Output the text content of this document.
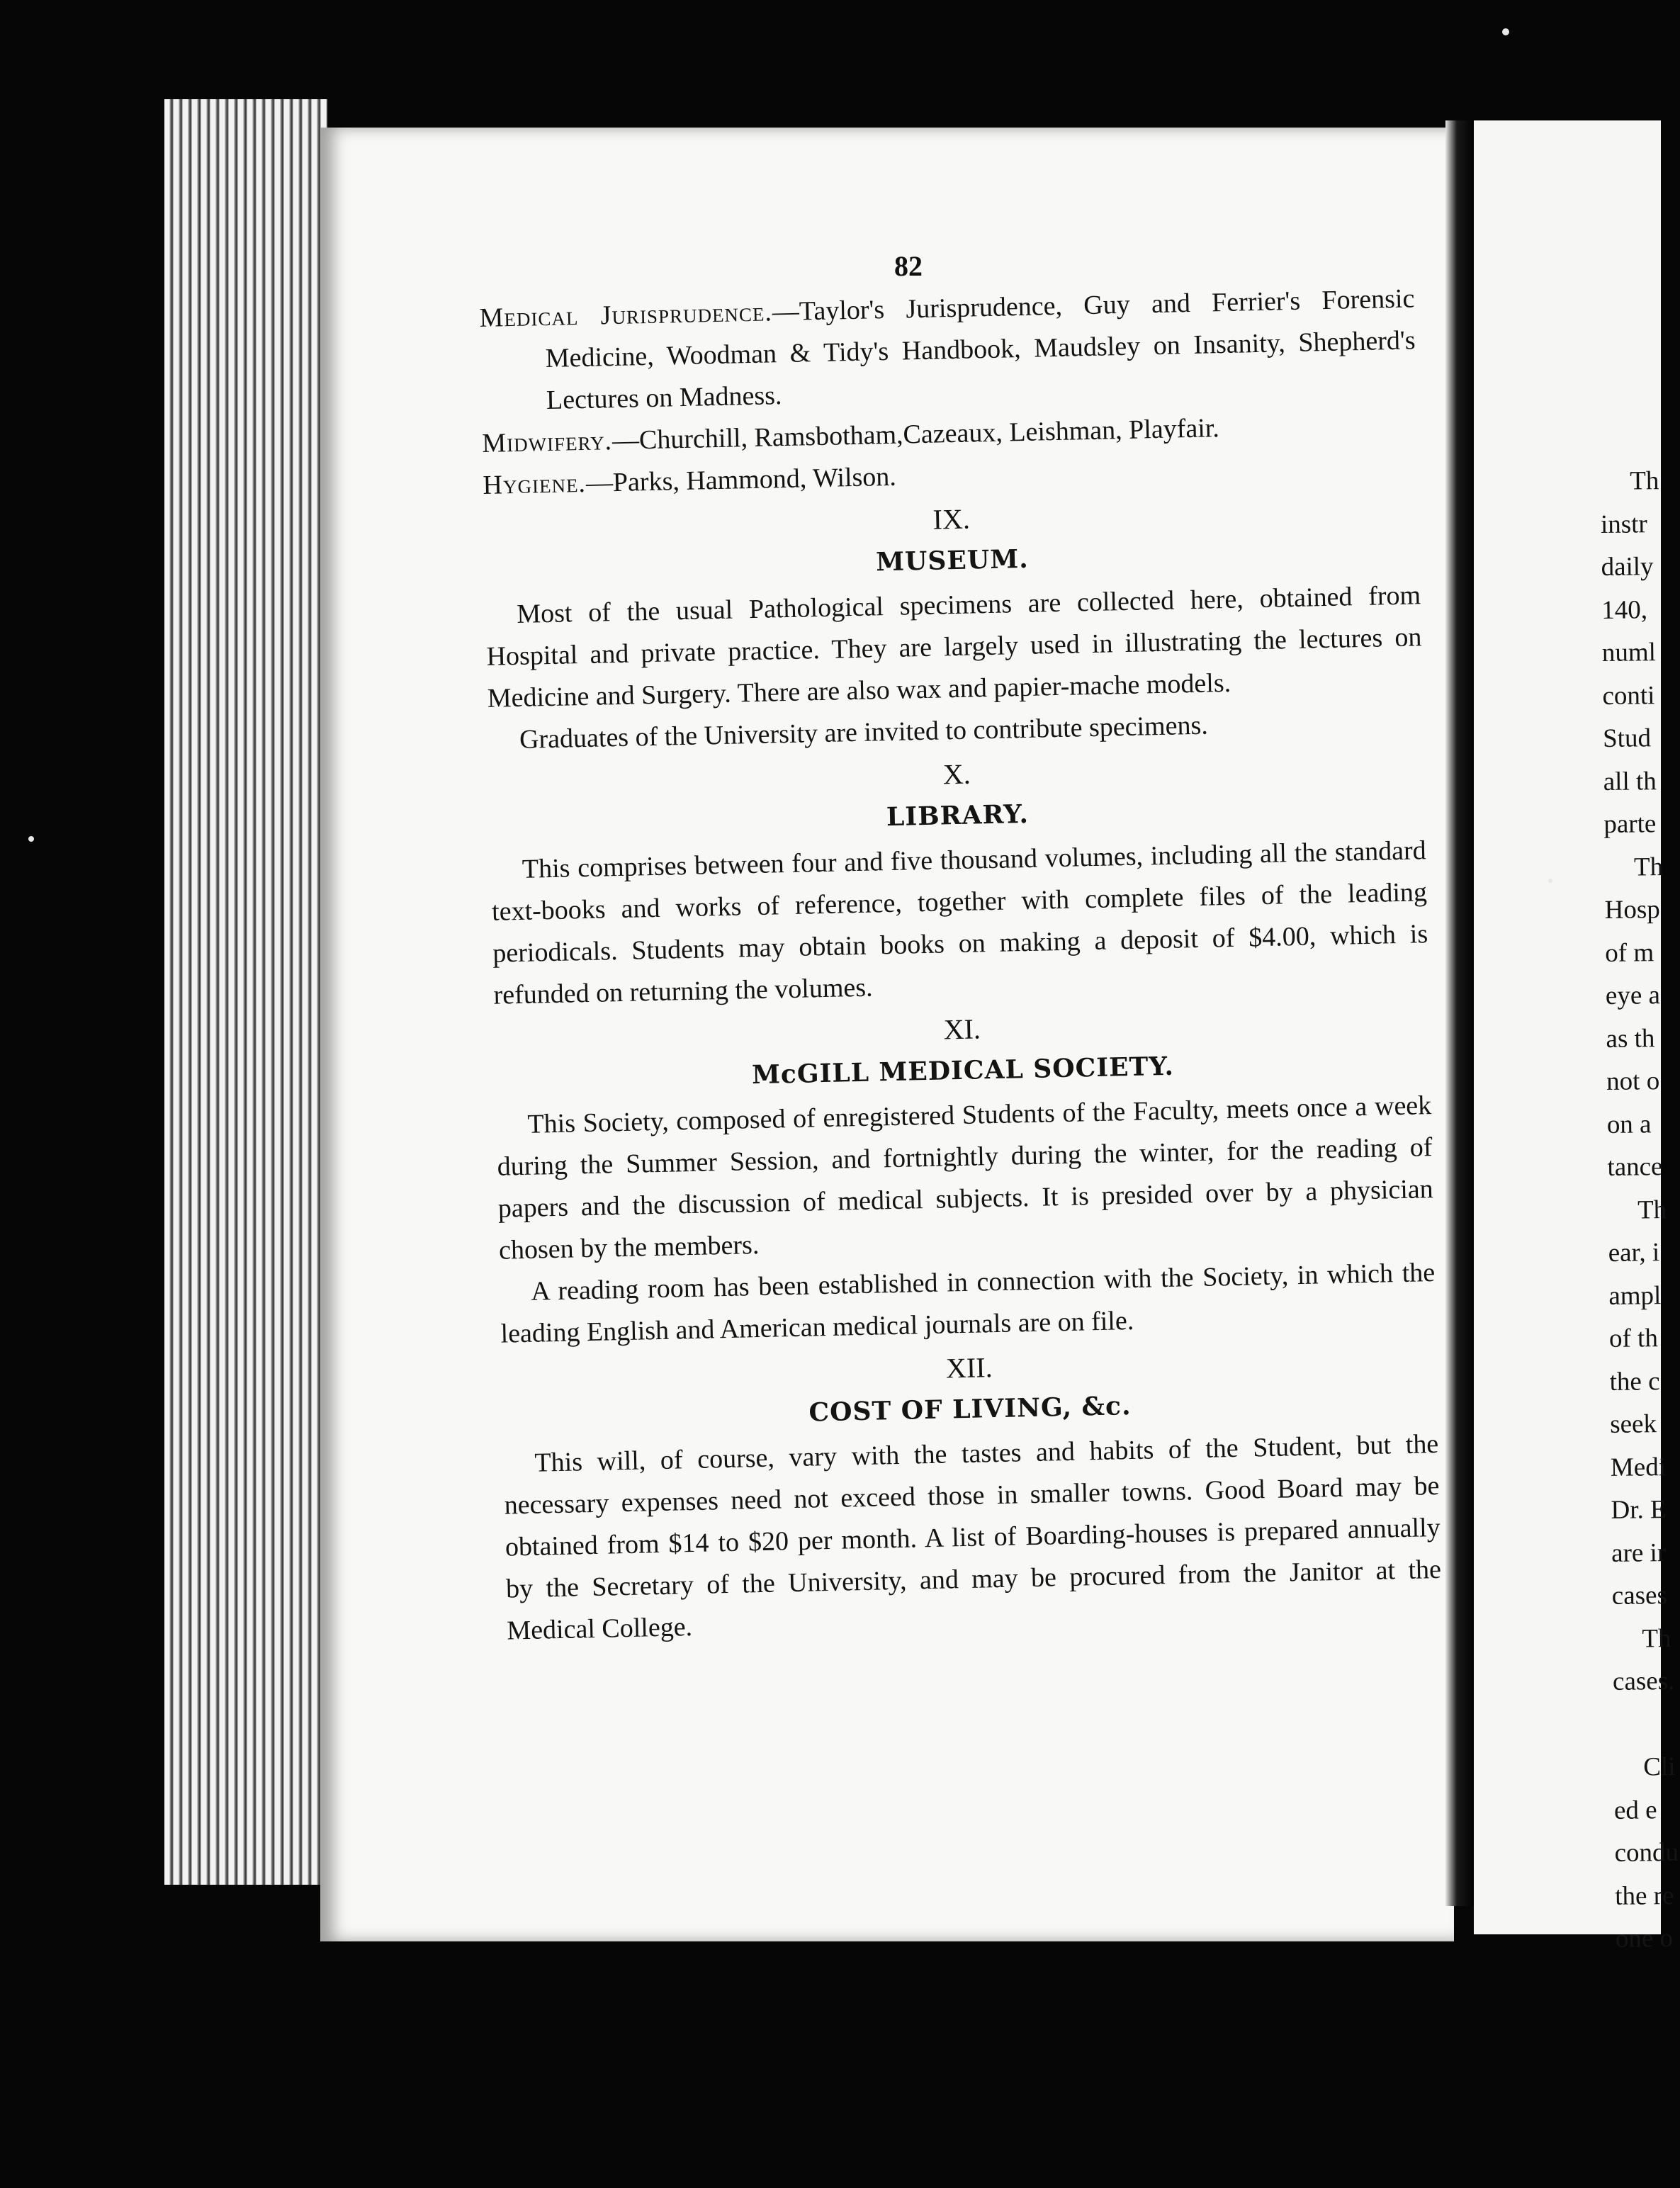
82

Medical Jurisprudence.—Taylor's Jurisprudence, Guy and Ferrier's Forensic Medicine, Woodman & Tidy's Handbook, Maudsley on Insanity, Shepherd's Lectures on Madness.

Midwifery.—Churchill, Ramsbotham,Cazeaux, Leishman, Playfair.

Hygiene.—Parks, Hammond, Wilson.

IX.
MUSEUM.

Most of the usual Pathological specimens are collected here, obtained from Hospital and private practice. They are largely used in illustrating the lectures on Medicine and Surgery. There are also wax and papier-mache models.

Graduates of the University are invited to contribute specimens.

X.
LIBRARY.

This comprises between four and five thousand volumes, including all the standard text-books and works of reference, together with complete files of the leading periodicals. Students may obtain books on making a deposit of $4.00, which is refunded on returning the volumes.

XI.
McGILL MEDICAL SOCIETY.

This Society, composed of enregistered Students of the Faculty, meets once a week during the Summer Session, and fortnightly during the winter, for the reading of papers and the discussion of medical subjects. It is presided over by a physician chosen by the members.

A reading room has been established in connection with the Society, in which the leading English and American medical journals are on file.

XII.
COST OF LIVING, &c.

This will, of course, vary with the tastes and habits of the Student, but the necessary expenses need not exceed those in smaller towns. Good Board may be obtained from $14 to $20 per month. A list of Boarding-houses is prepared annually by the Secretary of the University, and may be procured from the Janitor at the Medical College.

Th
instr
daily
140,
numl
conti
Stud
all th
parte
Th
Hosp
of m
eye a
as th
not o
on a
tance
Th
ear, i
ampl
of th
the c
seek
Medi
Dr. E
are ir
cases
Th
cases.
Cli
ed e
condu
the re
one o
